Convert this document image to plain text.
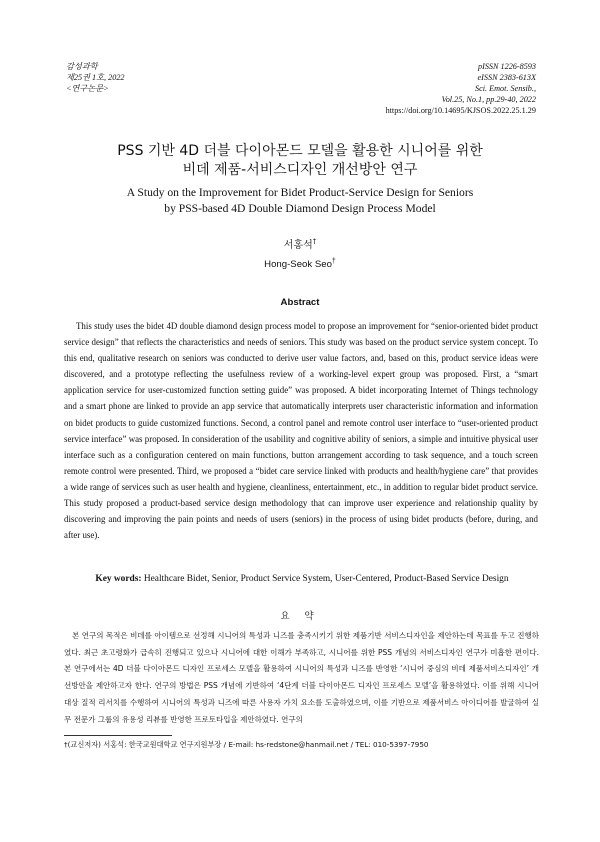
감성과학
제25권 1호, 2022
<연구논문>
pISSN 1226-8593
eISSN 2383-613X
Sci. Emot. Sensib.,
Vol.25, No.1, pp.29-40, 2022
https://doi.org/10.14695/KJSOS.2022.25.1.29
PSS 기반 4D 더블 다이아몬드 모델을 활용한 시니어를 위한
비데 제품-서비스디자인 개선방안 연구
A Study on the Improvement for Bidet Product-Service Design for Seniors
by PSS-based 4D Double Diamond Design Process Model
서홍석†
Hong-Seok Seo†
Abstract

This study uses the bidet 4D double diamond design process model to propose an improvement for “senior-oriented bidet product service design” that reflects the characteristics and needs of seniors. This study was based on the product service system concept. To this end, qualitative research on seniors was conducted to derive user value factors, and, based on this, product service ideas were discovered, and a prototype reflecting the usefulness review of a working-level expert group was proposed. First, a “smart application service for user-customized function setting guide” was proposed. A bidet incorporating Internet of Things technology and a smart phone are linked to provide an app service that automatically interprets user characteristic information and information on bidet products to guide customized functions. Second, a control panel and remote control user interface to “user-oriented product service interface” was proposed. In consideration of the usability and cognitive ability of seniors, a simple and intuitive physical user interface such as a configuration centered on main functions, button arrangement according to task sequence, and a touch screen remote control were presented. Third, we proposed a “bidet care service linked with products and health/hygiene care” that provides a wide range of services such as user health and hygiene, cleanliness, entertainment, etc., in addition to regular bidet product service. This study proposed a product-based service design methodology that can improve user experience and relationship quality by discovering and improving the pain points and needs of users (seniors) in the process of using bidet products (before, during, and after use).

Key words: Healthcare Bidet, Senior, Product Service System, User-Centered, Product-Based Service Design
요 약

본 연구의 목적은 비데를 아이템으로 선정해 시니어의 특성과 니즈를 충족시키기 위한 제품기반 서비스디자인을 제안하는데 목표를 두고 진행하였다. 최근 초고령화가 급속히 진행되고 있으나 시니어에 대한 이해가 부족하고, 시니어를 위한 PSS 개념의 서비스디자인 연구가 미흡한 편이다. 본 연구에서는 4D 더블 다이아몬드 디자인 프로세스 모델을 활용하여 시니어의 특성과 니즈를 반영한 ‘시니어 중심의 비데 제품서비스디자인’ 개선방안을 제안하고자 한다. 연구의 방법은 PSS 개념에 기반하여 ‘4단계 더블 다이아몬드 디자인 프로세스 모델’을 활용하였다. 이를 위해 시니어 대상 질적 리서치를 수행하여 시니어의 특성과 니즈에 따른 사용자 가치 요소를 도출하였으며, 이를 기반으로 제품서비스 아이디어를 발굴하여 실무 전문가 그룹의 유용성 리뷰를 반영한 프로토타입을 제안하였다. 연구의

†(교신저자) 서홍석: 한국교원대학교 연구지원부장 / E-mail: hs-redstone@hanmail.net / TEL: 010-5397-7950
